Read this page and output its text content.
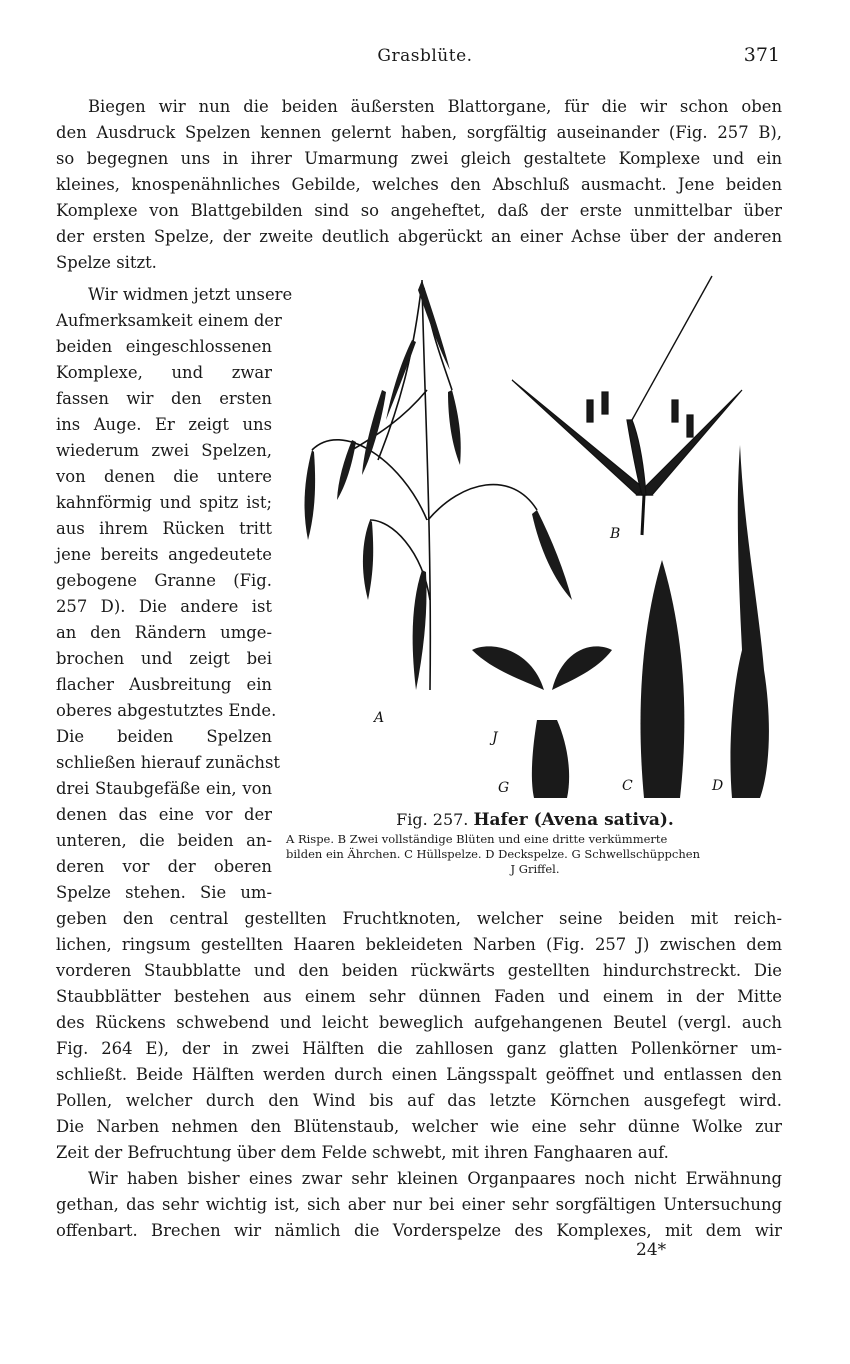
Grasblüte.	371
Biegen wir nun die beiden äußersten Blattorgane, für die wir schon oben
den Ausdruck Spelzen kennen gelernt haben, sorgfältig auseinander (Fig. 257 B),
so begegnen uns in ihrer Umarmung zwei gleich gestaltete Komplexe und ein
kleines, knospenähnliches Gebilde, welches den Abschluß ausmacht. Jene beiden
Komplexe von Blattgebilden sind so angeheftet, daß der erste unmittelbar über
der ersten Spelze, der zweite deutlich abgerückt an einer Achse über der anderen
Spelze sitzt.
Wir widmen jetzt unsere
Aufmerksamkeit einem der
beiden eingeschlossenen
Komplexe, und zwar
fassen wir den ersten
ins Auge. Er zeigt uns
wiederum zwei Spelzen,
von denen die untere
kahnförmig und spitz ist;
aus ihrem Rücken tritt
jene bereits angedeutete
gebogene Granne (Fig.
257 D). Die andere ist
an den Rändern umge-
brochen und zeigt bei
flacher Ausbreitung ein
oberes abgestutztes Ende.
Die beiden Spelzen
schließen hierauf zunächst
drei Staubgefäße ein, von
denen das eine vor der
unteren, die beiden an-
deren vor der oberen
Spelze stehen. Sie um-
geben den central gestellten Fruchtknoten, welcher seine beiden mit reich-
lichen, ringsum gestellten Haaren bekleideten Narben (Fig. 257 J) zwischen dem
vorderen Staubblatte und den beiden rückwärts gestellten hindurchstreckt. Die
Staubblätter bestehen aus einem sehr dünnen Faden und einem in der Mitte
des Rückens schwebend und leicht beweglich aufgehangenen Beutel (vergl. auch
Fig. 264 E), der in zwei Hälften die zahllosen ganz glatten Pollenkörner um-
schließt. Beide Hälften werden durch einen Längsspalt geöffnet und entlassen den
Pollen, welcher durch den Wind bis auf das letzte Körnchen ausgefegt wird.
Die Narben nehmen den Blütenstaub, welcher wie eine sehr dünne Wolke zur
Zeit der Befruchtung über dem Felde schwebt, mit ihren Fanghaaren auf.
Wir haben bisher eines zwar sehr kleinen Organpaares noch nicht Erwähnung
gethan, das sehr wichtig ist, sich aber nur bei einer sehr sorgfältigen Untersuchung
offenbart. Brechen wir nämlich die Vorderspelze des Komplexes, mit dem wir
24*
A
B
C	D
G
J
Fig. 257. Hafer (Avena sativa).
A Rispe. B Zwei vollständige Blüten und eine dritte verkümmerte
bilden ein Ährchen. C Hüllspelze. D Deckspelze. G Schwellschüppchen
J Griffel.
